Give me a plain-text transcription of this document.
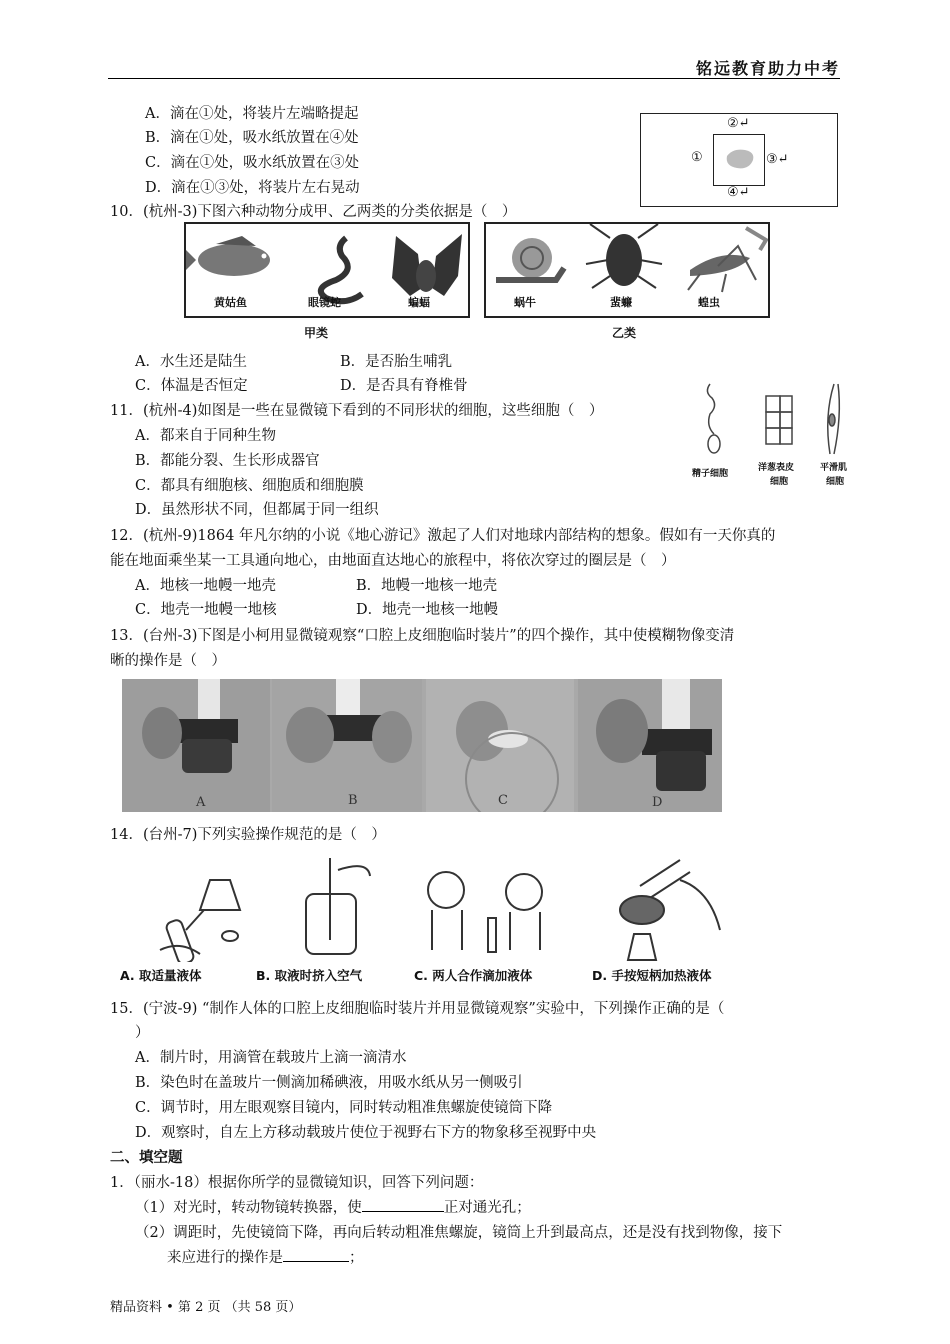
铭远教育助力中考
A．滴在①处，将装片左端略提起
B．滴在①处，吸水纸放置在④处
C．滴在①处，吸水纸放置在③处
D．滴在①③处，将装片左右晃动
②↵
①	③↵
④↵
10．(杭州-3)下图六种动物分成甲、乙两类的分类依据是（　）
黄姑鱼	眼镜蛇	蝙蝠
甲类
蜗牛	蜚蠊	蝗虫
乙类
A．水生还是陆生	B．是否胎生哺乳
C．体温是否恒定	D．是否具有脊椎骨
11．(杭州-4)如图是一些在显微镜下看到的不同形状的细胞，这些细胞（　）
A．都来自于同种生物
B．都能分裂、生长形成器官
C．都具有细胞核、细胞质和细胞膜
D．虽然形状不同，但都属于同一组织
精子细胞
洋葱表皮
细胞
平滑肌
细胞
12．(杭州-9)1864 年凡尔纳的小说《地心游记》激起了人们对地球内部结构的想象。假如有一天你真的
能在地面乘坐某一工具通向地心，由地面直达地心的旅程中，将依次穿过的圈层是（　）
A．地核一地幔一地壳	B．地幔一地核一地壳
C．地壳一地幔一地核	D．地壳一地核一地幔
13．(台州-3)下图是小柯用显微镜观察“口腔上皮细胞临时装片”的四个操作，其中使模糊物像变清
晰的操作是（　）
A	B	C	D
14．(台州-7)下列实验操作规范的是（　）
A. 取适量液体	B. 取液时挤入空气	C. 两人合作滴加液体	D. 手按短柄加热液体
15．(宁波-9) “制作人体的口腔上皮细胞临时装片并用显微镜观察”实验中，下列操作正确的是（
）
A．制片时，用滴管在载玻片上滴一滴清水
B．染色时在盖玻片一侧滴加稀碘液，用吸水纸从另一侧吸引
C．调节时，用左眼观察目镜内，同时转动粗准焦螺旋使镜筒下降
D．观察时，自左上方移动载玻片使位于视野右下方的物象移至视野中央
二、填空题
1．（丽水-18）根据你所学的显微镜知识，回答下列问题：
（1）对光时，转动物镜转换器，使	正对通光孔；
（2）调距时，先使镜筒下降，再向后转动粗准焦螺旋，镜筒上升到最高点，还是没有找到物像，接下
来应进行的操作是	；
精品资料 • 第 2 页 （共 58 页）
